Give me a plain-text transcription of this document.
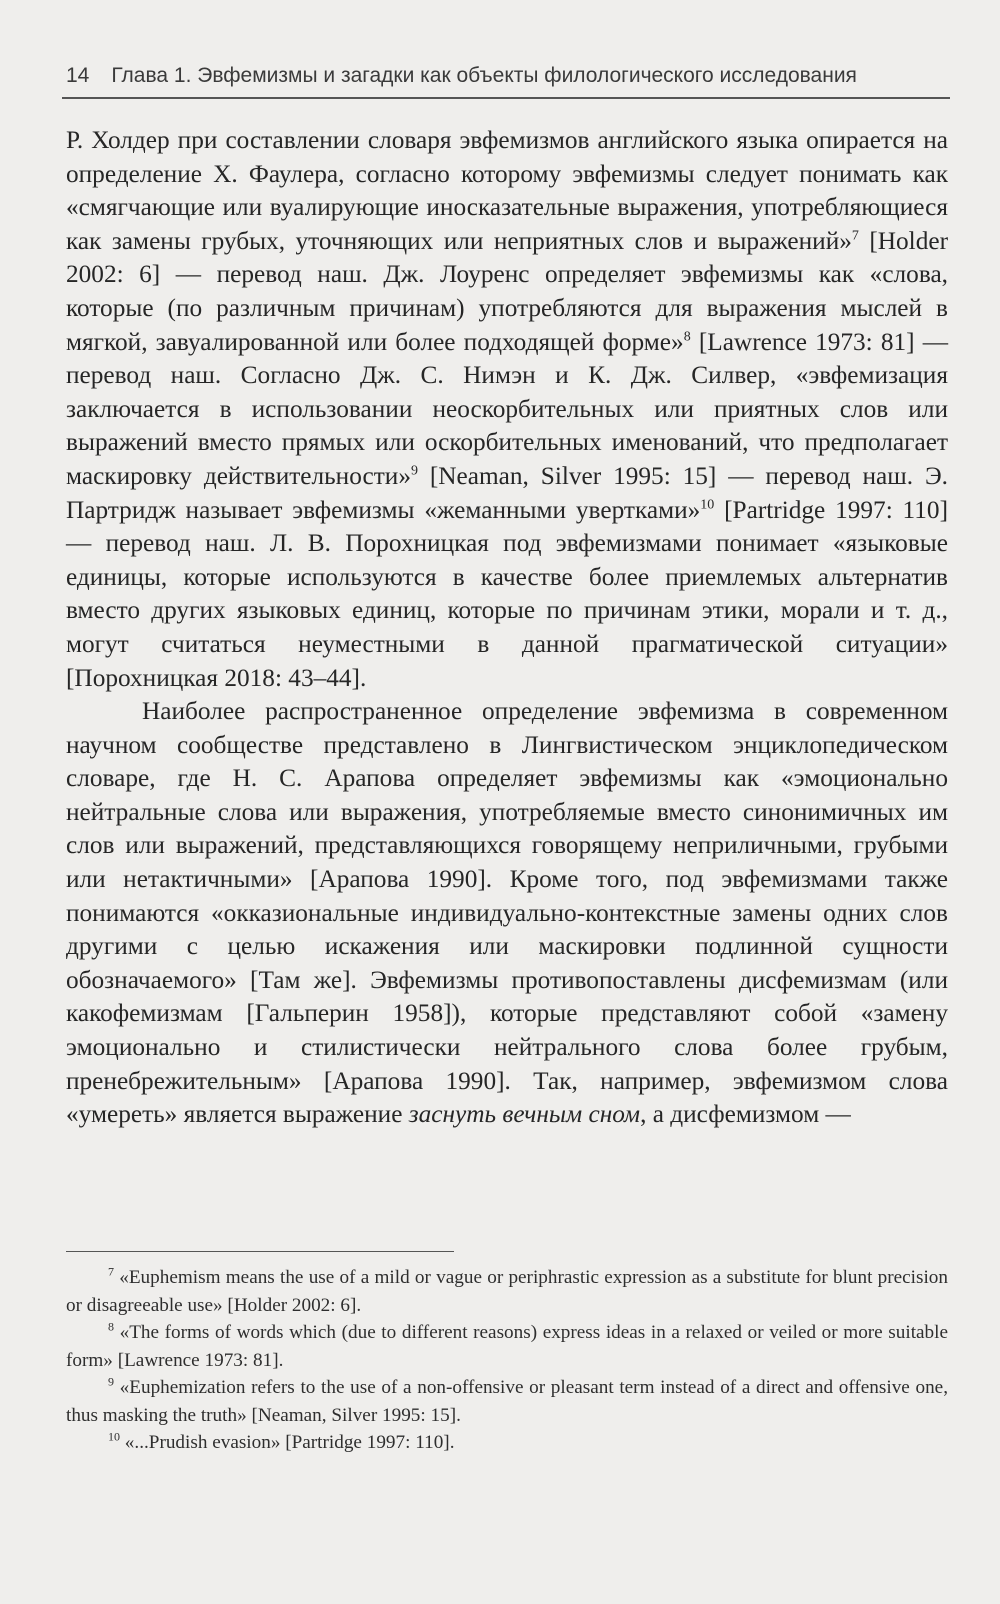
14 Глава 1. Эвфемизмы и загадки как объекты филологического исследования

Р. Холдер при составлении словаря эвфемизмов английского языка опирается на определение Х. Фаулера, согласно которому эвфемизмы следует понимать как «смягчающие или вуалирующие иносказательные выражения, употребляющиеся как замены грубых, уточняющих или неприятных слов и выражений»$^7$ [Holder 2002: 6] — перевод наш. Дж. Лоуренс определяет эвфемизмы как «слова, которые (по различным причинам) употребляются для выражения мыслей в мягкой, завуалированной или более подходящей форме»$^8$ [Lawrence 1973: 81] — перевод наш. Согласно Дж. С. Нимэн и К. Дж. Силвер, «эвфемизация заключается в использовании неоскорбительных или приятных слов или выражений вместо прямых или оскорбительных именований, что предполагает маскировку действительности»$^9$ [Neaman, Silver 1995: 15] — перевод наш. Э. Партридж называет эвфемизмы «жеманными увертками»$^{10}$ [Partridge 1997: 110] — перевод наш. Л. В. Порохницкая под эвфемизмами понимает «языковые единицы, которые используются в качестве более приемлемых альтернатив вместо других языковых единиц, которые по причинам этики, морали и т. д., могут считаться неуместными в данной прагматической ситуации» [Порохницкая 2018: 43–44].

Наиболее распространенное определение эвфемизма в современном научном сообществе представлено в Лингвистическом энциклопедическом словаре, где Н. С. Арапова определяет эвфемизмы как «эмоционально нейтральные слова или выражения, употребляемые вместо синонимичных им слов или выражений, представляющихся говорящему неприличными, грубыми или нетактичными» [Арапова 1990]. Кроме того, под эвфемизмами также понимаются «окказиональные индивидуально-контекстные замены одних слов другими с целью искажения или маскировки подлинной сущности обозначаемого» [Там же]. Эвфемизмы противопоставлены дисфемизмам (или какофемизмам [Гальперин 1958]), которые представляют собой «замену эмоционально и стилистически нейтрального слова более грубым, пренебрежительным» [Арапова 1990]. Так, например, эвфемизмом слова «умереть» является выражение заснуть вечным сном, а дисфемизмом —

$^7$ «Euphemism means the use of a mild or vague or periphrastic expression as a substitute for blunt precision or disagreeable use» [Holder 2002: 6].

$^8$ «The forms of words which (due to different reasons) express ideas in a relaxed or veiled or more suitable form» [Lawrence 1973: 81].

$^9$ «Euphemization refers to the use of a non-offensive or pleasant term instead of a direct and offensive one, thus masking the truth» [Neaman, Silver 1995: 15].

$^{10}$ «...Prudish evasion» [Partridge 1997: 110].
